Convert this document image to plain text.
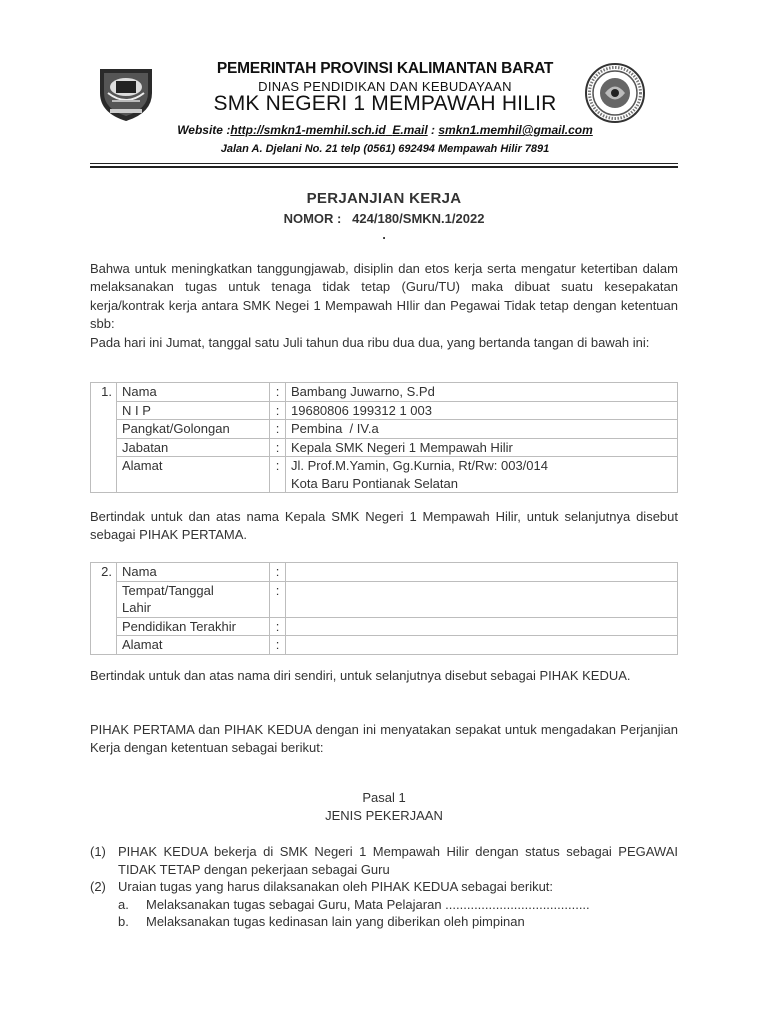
PEMERINTAH PROVINSI KALIMANTAN BARAT
DINAS PENDIDIKAN DAN KEBUDAYAAN
SMK NEGERI 1 MEMPAWAH HILIR
Website :http://smkn1-memhil.sch.id E.mail : smkn1.memhil@gmail.com
Jalan A. Djelani No. 21 telp (0561) 692494 Mempawah Hilir 7891
PERJANJIAN KERJA
NOMOR :   424/180/SMKN.1/2022
.

Bahwa untuk meningkatkan tanggungjawab, disiplin dan etos kerja serta mengatur ketertiban dalam melaksanakan tugas untuk tenaga tidak tetap (Guru/TU) maka dibuat suatu kesepakatan kerja/kontrak kerja antara SMK Negei 1 Mempawah HIlir dan Pegawai Tidak tetap dengan ketentuan sbb:

Pada hari ini Jumat, tanggal satu Juli tahun dua ribu dua dua, yang bertanda tangan di bawah ini:

1.	Nama	:	Bambang Juwarno, S.Pd
	N I P	:	19680806 199312 1 003
	Pangkat/Golongan	:	Pembina  / IV.a
	Jabatan	:	Kepala SMK Negeri 1 Mempawah Hilir
	Alamat	:	Jl. Prof.M.Yamin, Gg.Kurnia, Rt/Rw: 003/014
Kota Baru Pontianak Selatan

Bertindak untuk dan atas nama Kepala SMK Negeri 1 Mempawah Hilir, untuk selanjutnya disebut sebagai PIHAK PERTAMA.

2.	Nama	:	

	Tempat/Tanggal
Lahir	:	
	Pendidikan Terakhir	:	
	Alamat	:	

Bertindak untuk dan atas nama diri sendiri, untuk selanjutnya disebut sebagai PIHAK KEDUA.

PIHAK PERTAMA dan PIHAK KEDUA dengan ini menyatakan sepakat untuk mengadakan Perjanjian Kerja dengan ketentuan sebagai berikut:

Pasal 1
JENIS PEKERJAAN
(1) PIHAK KEDUA bekerja di SMK Negeri 1 Mempawah Hilir dengan status sebagai PEGAWAI TIDAK TETAP dengan pekerjaan sebagai Guru
(2) Uraian tugas yang harus dilaksanakan oleh PIHAK KEDUA sebagai berikut:
a. Melaksanakan tugas sebagai Guru, Mata Pelajaran ........................................
b. Melaksanakan tugas kedinasan lain yang diberikan oleh pimpinan
